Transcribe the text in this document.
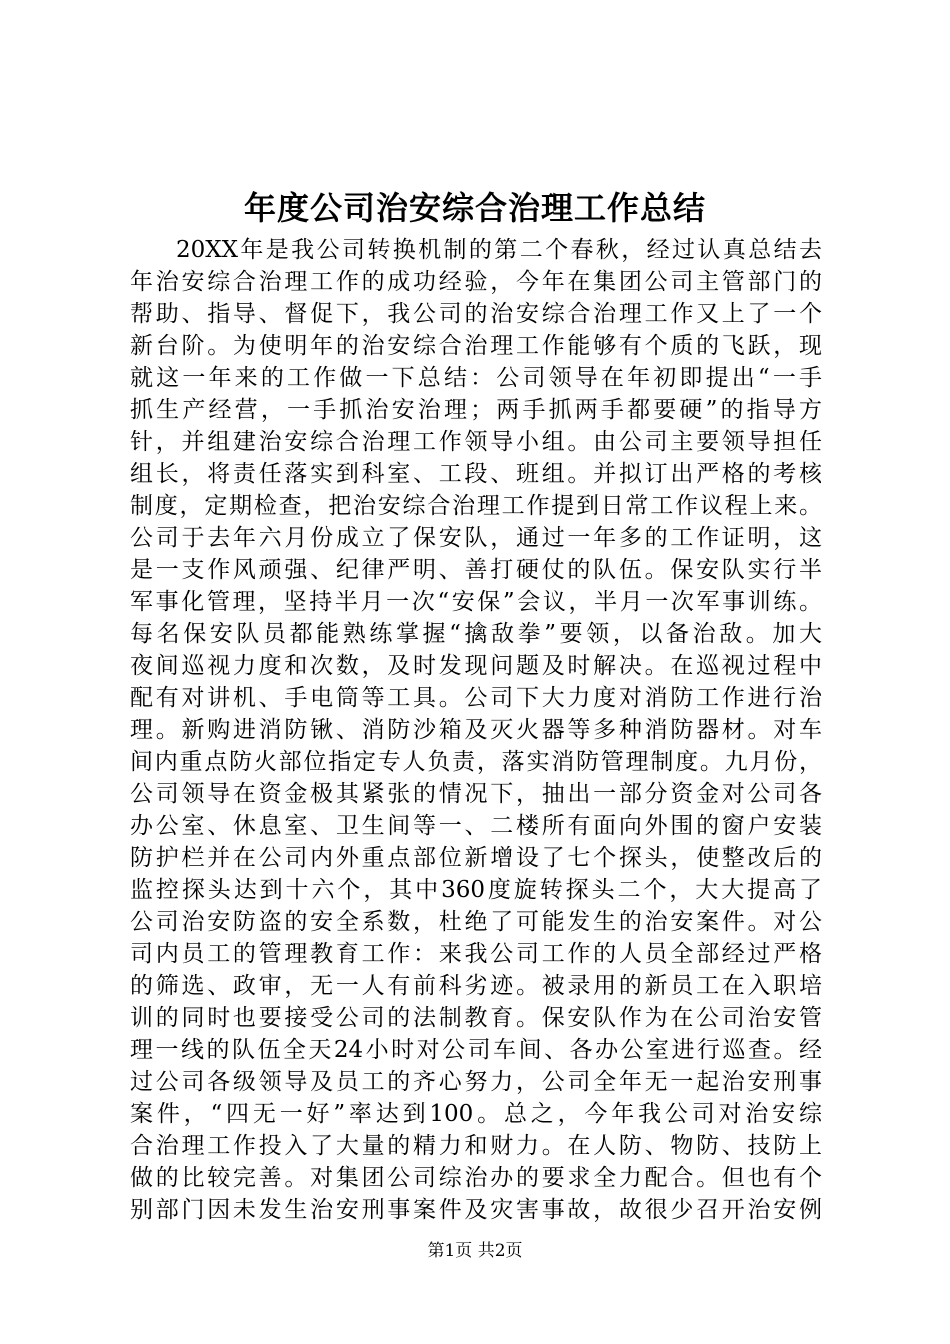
年度公司治安综合治理工作总结
20XX年是我公司转换机制的第二个春秋，经过认真总结去
年治安综合治理工作的成功经验，今年在集团公司主管部门的
帮助、指导、督促下，我公司的治安综合治理工作又上了一个
新台阶。为使明年的治安综合治理工作能够有个质的飞跃，现
就这一年来的工作做一下总结：公司领导在年初即提出“一手
抓生产经营，一手抓治安治理；两手抓两手都要硬”的指导方
针，并组建治安综合治理工作领导小组。由公司主要领导担任
组长，将责任落实到科室、工段、班组。并拟订出严格的考核
制度，定期检查，把治安综合治理工作提到日常工作议程上来。
公司于去年六月份成立了保安队，通过一年多的工作证明，这
是一支作风顽强、纪律严明、善打硬仗的队伍。保安队实行半
军事化管理，坚持半月一次“安保”会议，半月一次军事训练。
每名保安队员都能熟练掌握“擒敌拳”要领，以备治敌。加大
夜间巡视力度和次数，及时发现问题及时解决。在巡视过程中
配有对讲机、手电筒等工具。公司下大力度对消防工作进行治
理。新购进消防锹、消防沙箱及灭火器等多种消防器材。对车
间内重点防火部位指定专人负责，落实消防管理制度。九月份，
公司领导在资金极其紧张的情况下，抽出一部分资金对公司各
办公室、休息室、卫生间等一、二楼所有面向外围的窗户安装
防护栏并在公司内外重点部位新增设了七个探头，使整改后的
监控探头达到十六个，其中360度旋转探头二个，大大提高了
公司治安防盗的安全系数，杜绝了可能发生的治安案件。对公
司内员工的管理教育工作：来我公司工作的人员全部经过严格
的筛选、政审，无一人有前科劣迹。被录用的新员工在入职培
训的同时也要接受公司的法制教育。保安队作为在公司治安管
理一线的队伍全天24小时对公司车间、各办公室进行巡查。经
过公司各级领导及员工的齐心努力，公司全年无一起治安刑事
案件，“四无一好”率达到100。总之，今年我公司对治安综
合治理工作投入了大量的精力和财力。在人防、物防、技防上
做的比较完善。对集团公司综治办的要求全力配合。但也有个
别部门因未发生治安刑事案件及灾害事故，故很少召开治安例
第1页 共2页
